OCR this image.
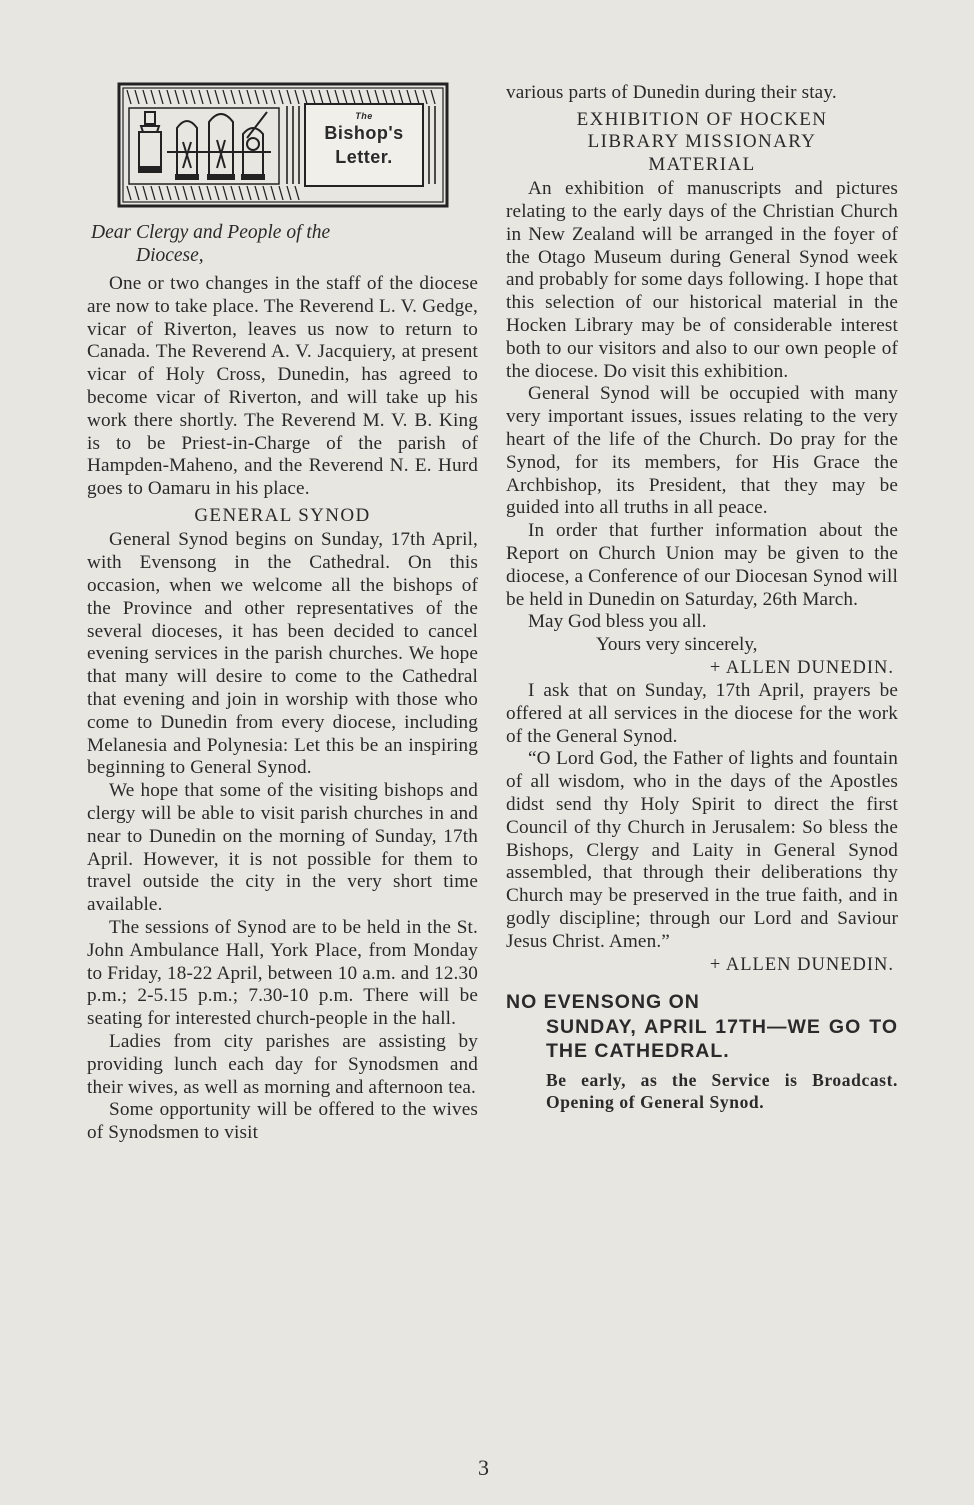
The
Bishop's
Letter.

Dear Clergy and People of the
Diocese,

One or two changes in the staff of the diocese are now to take place. The Reverend L. V. Gedge, vicar of Riverton, leaves us now to return to Canada. The Reverend A. V. Jacquiery, at present vicar of Holy Cross, Dunedin, has agreed to become vicar of Riverton, and will take up his work there shortly. The Reverend M. V. B. King is to be Priest-in-Charge of the parish of Hampden-Maheno, and the Reverend N. E. Hurd goes to Oamaru in his place.

GENERAL SYNOD

General Synod begins on Sunday, 17th April, with Evensong in the Cathedral. On this occasion, when we welcome all the bishops of the Province and other representatives of the several dioceses, it has been decided to cancel evening services in the parish churches. We hope that many will desire to come to the Cathedral that evening and join in worship with those who come to Dunedin from every diocese, including Melanesia and Polynesia: Let this be an inspiring beginning to General Synod.

We hope that some of the visiting bishops and clergy will be able to visit parish churches in and near to Dunedin on the morning of Sunday, 17th April. However, it is not possible for them to travel outside the city in the very short time available.

The sessions of Synod are to be held in the St. John Ambulance Hall, York Place, from Monday to Friday, 18-22 April, between 10 a.m. and 12.30 p.m.; 2-5.15 p.m.; 7.30-10 p.m. There will be seating for interested church-people in the hall.

Ladies from city parishes are assisting by providing lunch each day for Synodsmen and their wives, as well as morning and afternoon tea.

Some opportunity will be offered to the wives of Synodsmen to visit

various parts of Dunedin during their stay.

EXHIBITION OF HOCKEN
LIBRARY MISSIONARY
MATERIAL

An exhibition of manuscripts and pictures relating to the early days of the Christian Church in New Zealand will be arranged in the foyer of the Otago Museum during General Synod week and probably for some days following. I hope that this selection of our historical material in the Hocken Library may be of considerable interest both to our visitors and also to our own people of the diocese. Do visit this exhibition.

General Synod will be occupied with many very important issues, issues relating to the very heart of the life of the Church. Do pray for the Synod, for its members, for His Grace the Archbishop, its President, that they may be guided into all truths in all peace.

In order that further information about the Report on Church Union may be given to the diocese, a Conference of our Diocesan Synod will be held in Dunedin on Saturday, 26th March.

May God bless you all.

Yours very sincerely,

+ ALLEN DUNEDIN.

I ask that on Sunday, 17th April, prayers be offered at all services in the diocese for the work of the General Synod.

“O Lord God, the Father of lights and fountain of all wisdom, who in the days of the Apostles didst send thy Holy Spirit to direct the first Council of thy Church in Jerusalem: So bless the Bishops, Clergy and Laity in General Synod assembled, that through their deliberations thy Church may be preserved in the true faith, and in godly discipline; through our Lord and Saviour Jesus Christ. Amen.”

+ ALLEN DUNEDIN.

NO EVENSONG ON

SUNDAY, APRIL 17TH—WE GO TO THE CATHEDRAL.

Be early, as the Service is Broadcast. Opening of General Synod.

3
